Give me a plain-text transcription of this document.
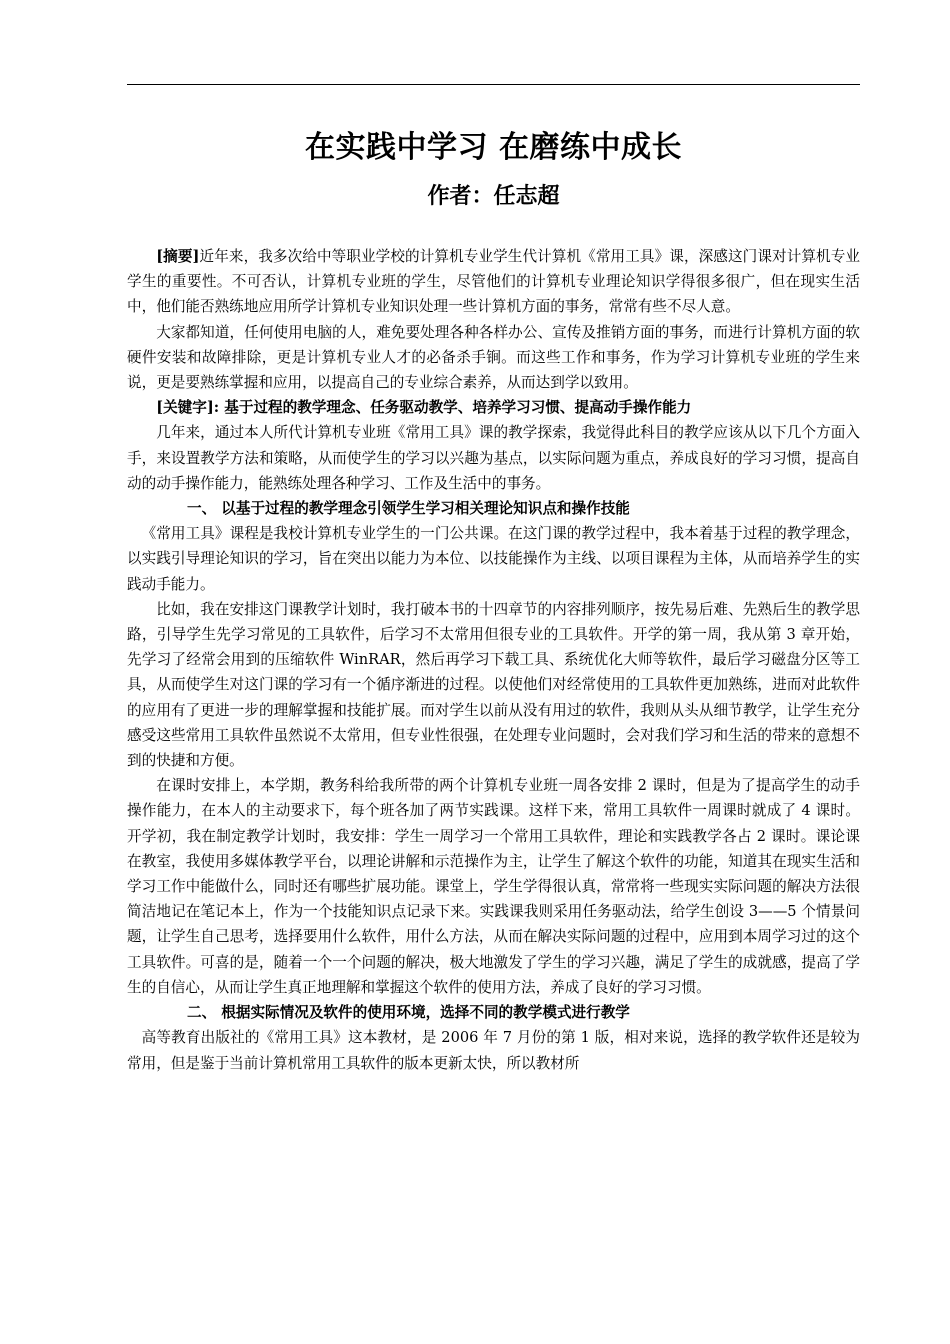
在实践中学习 在磨练中成长
作者：任志超

[摘要]近年来，我多次给中等职业学校的计算机专业学生代计算机《常用工具》课，深感这门课对计算机专业学生的重要性。不可否认，计算机专业班的学生，尽管他们的计算机专业理论知识学得很多很广，但在现实生活中，他们能否熟练地应用所学计算机专业知识处理一些计算机方面的事务，常常有些不尽人意。

大家都知道，任何使用电脑的人，难免要处理各种各样办公、宣传及推销方面的事务，而进行计算机方面的软硬件安装和故障排除，更是计算机专业人才的必备杀手锏。而这些工作和事务，作为学习计算机专业班的学生来说，更是要熟练掌握和应用，以提高自己的专业综合素养，从而达到学以致用。

[关键字]: 基于过程的教学理念、任务驱动教学、培养学习习惯、提高动手操作能力

几年来，通过本人所代计算机专业班《常用工具》课的教学探索，我觉得此科目的教学应该从以下几个方面入手，来设置教学方法和策略，从而使学生的学习以兴趣为基点，以实际问题为重点，养成良好的学习习惯，提高自动的动手操作能力，能熟练处理各种学习、工作及生活中的事务。

一、 以基于过程的教学理念引领学生学习相关理论知识点和操作技能

《常用工具》课程是我校计算机专业学生的一门公共课。在这门课的教学过程中，我本着基于过程的教学理念，以实践引导理论知识的学习，旨在突出以能力为本位、以技能操作为主线、以项目课程为主体，从而培养学生的实践动手能力。

比如，我在安排这门课教学计划时，我打破本书的十四章节的内容排列顺序，按先易后难、先熟后生的教学思路，引导学生先学习常见的工具软件，后学习不太常用但很专业的工具软件。开学的第一周，我从第 3 章开始，先学习了经常会用到的压缩软件 WinRAR，然后再学习下载工具、系统优化大师等软件，最后学习磁盘分区等工具，从而使学生对这门课的学习有一个循序渐进的过程。以使他们对经常使用的工具软件更加熟练，进而对此软件的应用有了更进一步的理解掌握和技能扩展。而对学生以前从没有用过的软件，我则从头从细节教学，让学生充分感受这些常用工具软件虽然说不太常用，但专业性很强，在处理专业问题时，会对我们学习和生活的带来的意想不到的快捷和方便。

在课时安排上，本学期，教务科给我所带的两个计算机专业班一周各安排 2 课时，但是为了提高学生的动手操作能力，在本人的主动要求下，每个班各加了两节实践课。这样下来，常用工具软件一周课时就成了 4 课时。开学初，我在制定教学计划时，我安排：学生一周学习一个常用工具软件，理论和实践教学各占 2 课时。课论课在教室，我使用多媒体教学平台，以理论讲解和示范操作为主，让学生了解这个软件的功能，知道其在现实生活和学习工作中能做什么，同时还有哪些扩展功能。课堂上，学生学得很认真，常常将一些现实实际问题的解决方法很简洁地记在笔记本上，作为一个技能知识点记录下来。实践课我则采用任务驱动法，给学生创设 3——5 个情景问题，让学生自己思考，选择要用什么软件，用什么方法，从而在解决实际问题的过程中，应用到本周学习过的这个工具软件。可喜的是，随着一个一个问题的解决，极大地激发了学生的学习兴趣，满足了学生的成就感，提高了学生的自信心，从而让学生真正地理解和掌握这个软件的使用方法，养成了良好的学习习惯。

二、 根据实际情况及软件的使用环境，选择不同的教学模式进行教学

高等教育出版社的《常用工具》这本教材，是 2006 年 7 月份的第 1 版，相对来说，选择的教学软件还是较为常用，但是鉴于当前计算机常用工具软件的版本更新太快，所以教材所
